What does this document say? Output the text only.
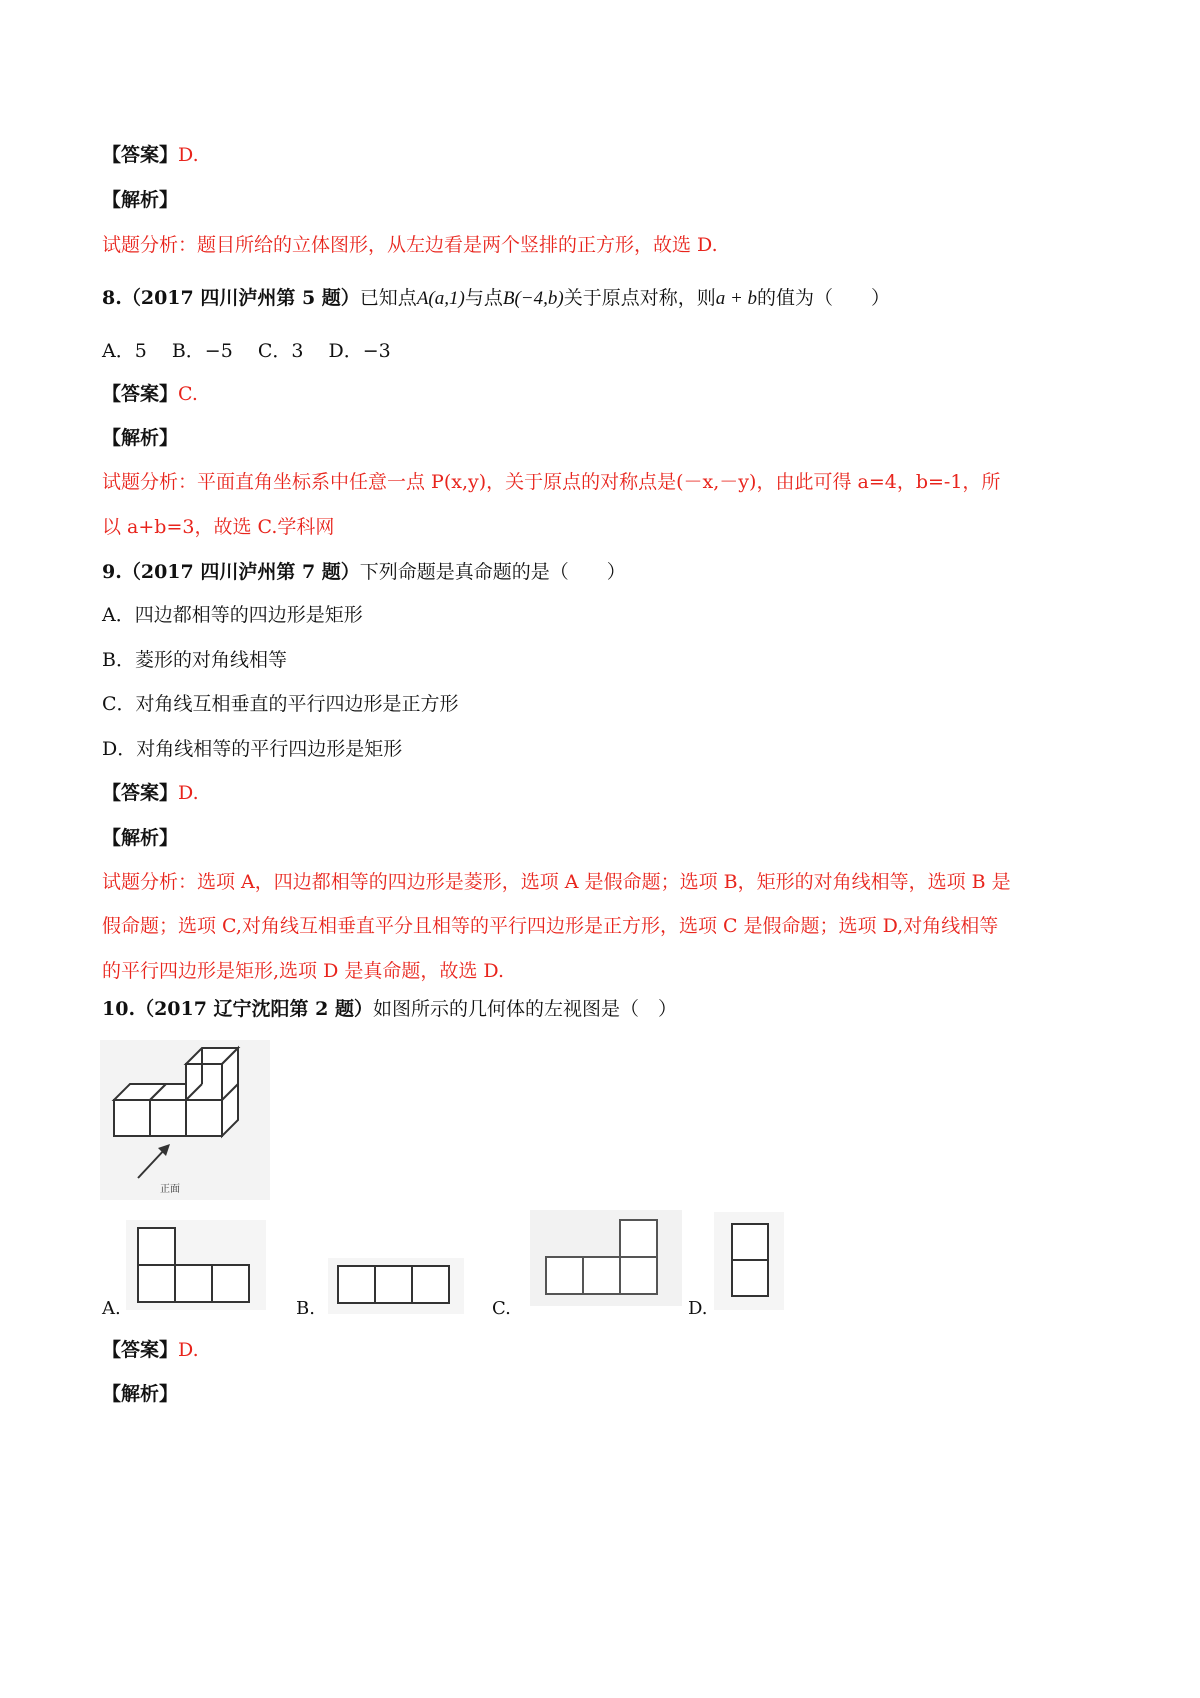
【答案】D.
【解析】
试题分析：题目所给的立体图形，从左边看是两个竖排的正方形，故选 D.
8.（2017 四川泸州第 5 题）已知点A(a,1)与点B(−4,b)关于原点对称，则a + b的值为（　　）
A．5　 B．−5　 C．3　 D．−3
【答案】C.
【解析】
试题分析：平面直角坐标系中任意一点 P(x,y)，关于原点的对称点是(－x,－y)，由此可得 a=4，b=-1，所
以 a+b=3，故选 C.学科网
9.（2017 四川泸州第 7 题）下列命题是真命题的是（　　）
A．四边都相等的四边形是矩形
B．菱形的对角线相等
C．对角线互相垂直的平行四边形是正方形
D．对角线相等的平行四边形是矩形
【答案】D.
【解析】
试题分析：选项 A，四边都相等的四边形是菱形，选项 A 是假命题；选项 B，矩形的对角线相等，选项 B 是
假命题；选项 C,对角线互相垂直平分且相等的平行四边形是正方形，选项 C 是假命题；选项 D,对角线相等
的平行四边形是矩形,选项 D 是真命题，故选 D.
10.（2017 辽宁沈阳第 2 题）如图所示的几何体的左视图是（　）
正面
A.	B.	C.	D.
【答案】D.
【解析】
